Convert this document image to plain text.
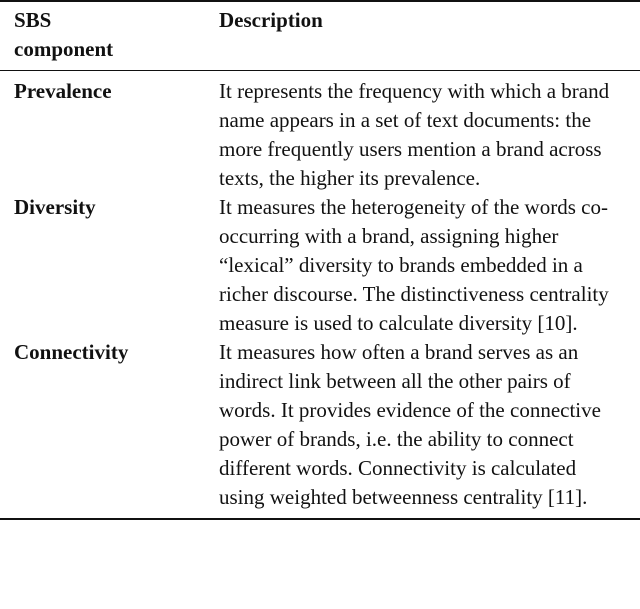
SBS
component	Description
Prevalence	It represents the frequency with which a brand name appears in a set of text documents: the more frequently users mention a brand across texts, the higher its prevalence.
Diversity	It measures the heterogeneity of the words co-occurring with a brand, assigning higher “lexical” diversity to brands embedded in a richer discourse. The distinctiveness centrality measure is used to calculate diversity [10].
Connectivity	It measures how often a brand serves as an indirect link between all the other pairs of words. It provides evidence of the connective power of brands, i.e. the ability to connect different words. Connectivity is calculated using weighted betweenness centrality [11].
